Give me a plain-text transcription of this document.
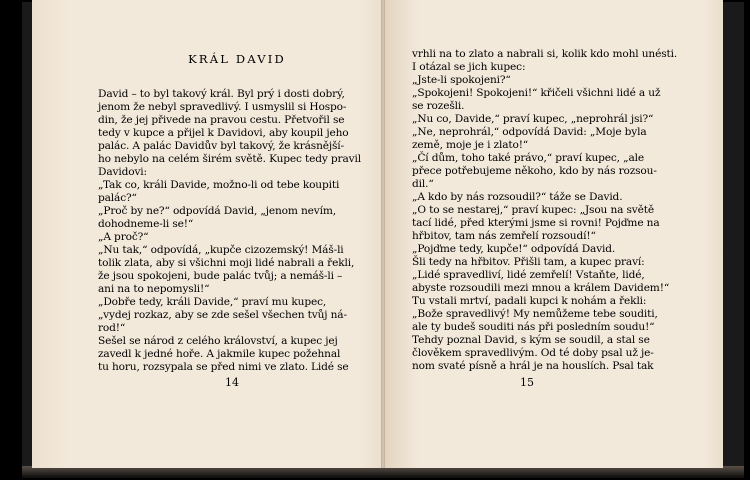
KRÁL DAVID
David – to byl takový král. Byl prý i dosti dobrý,
jenom že nebyl spravedlivý. I usmyslil si Hospo-
din, že jej přivede na pravou cestu. Přetvořil se
tedy v kupce a přijel k Davidovi, aby koupil jeho
palác. A palác Davidův byl takový, že krásnější-
ho nebylo na celém širém světě. Kupec tedy pravil
Davidovi:
„Tak co, králi Davide, možno-li od tebe koupiti
palác?“
„Proč by ne?“ odpovídá David, „jenom nevím,
dohodneme-li se!“
„A proč?“
„Nu tak,“ odpovídá, „kupče cizozemský! Máš-li
tolik zlata, aby si všichni moji lidé nabrali a řekli,
že jsou spokojeni, bude palác tvůj; a nemáš-li –
ani na to nepomysli!“
„Dobře tedy, králi Davide,“ praví mu kupec,
„vydej rozkaz, aby se zde sešel všechen tvůj ná-
rod!“
Sešel se národ z celého království, a kupec jej
zavedl k jedné hoře. A jakmile kupec požehnal
tu horu, rozsypala se před nimi ve zlato. Lidé se
14
vrhli na to zlato a nabrali si, kolik kdo mohl unésti.
I otázal se jich kupec:
„Jste-li spokojeni?“
„Spokojeni! Spokojeni!“ křičeli všichni lidé a už
se rozešli.
„Nu co, Davide,“ praví kupec, „neprohrál jsi?“
„Ne, neprohrál,“ odpovídá David: „Moje byla
země, moje je i zlato!“
„Čí dům, toho také právo,“ praví kupec, „ale
přece potřebujeme někoho, kdo by nás rozsou-
dil.“
„A kdo by nás rozsoudil?“ táže se David.
„O to se nestarej,“ praví kupec: „Jsou na světě
tací lidé, před kterými jsme si rovni! Pojďme na
hřbitov, tam nás zemřelí rozsoudí!“
„Pojďme tedy, kupče!“ odpovídá David.
Šli tedy na hřbitov. Přišli tam, a kupec praví:
„Lidé spravedliví, lidé zemřelí! Vstaňte, lidé,
abyste rozsoudili mezi mnou a králem Davidem!“
Tu vstali mrtví, padali kupci k nohám a řekli:
„Bože spravedlivý! My nemůžeme tebe souditi,
ale ty budeš souditi nás při posledním soudu!“
Tehdy poznal David, s kým se soudil, a stal se
člověkem spravedlivým. Od té doby psal už je-
nom svaté písně a hrál je na houslích. Psal tak
15
